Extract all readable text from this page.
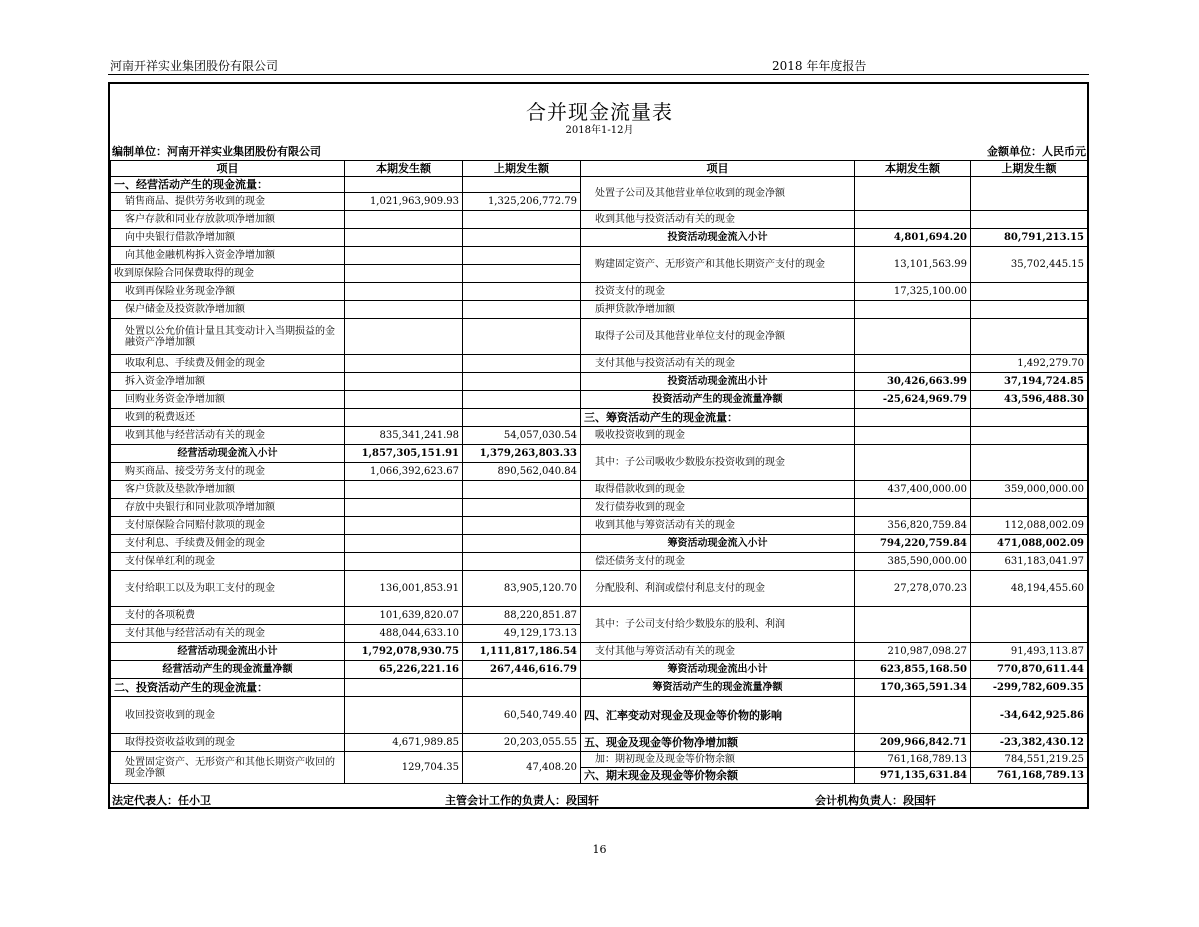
河南开祥实业集团股份有限公司	2018 年年度报告
合并现金流量表
2018年1-12月
编制单位：河南开祥实业集团股份有限公司	金额单位：人民币元
项目	本期发生额	上期发生额	项目	本期发生额	上期发生额
一、经营活动产生的现金流量：			处置子公司及其他营业单位收到的现金净额		
销售商品、提供劳务收到的现金	1,021,963,909.93	1,325,206,772.79			
客户存款和同业存放款项净增加额			收到其他与投资活动有关的现金		
向中央银行借款净增加额			投资活动现金流入小计	4,801,694.20	80,791,213.15
向其他金融机构拆入资金净增加额			购建固定资产、无形资产和其他长期资产支付的现金	13,101,563.99	35,702,445.15
收到原保险合同保费取得的现金					
收到再保险业务现金净额			投资支付的现金	17,325,100.00	
保户储金及投资款净增加额			质押贷款净增加额		
处置以公允价值计量且其变动计入当期损益的金融资产净增加额			取得子公司及其他营业单位支付的现金净额		
收取利息、手续费及佣金的现金			支付其他与投资活动有关的现金		1,492,279.70
拆入资金净增加额			投资活动现金流出小计	30,426,663.99	37,194,724.85
回购业务资金净增加额			投资活动产生的现金流量净额	-25,624,969.79	43,596,488.30
收到的税费返还			三、筹资活动产生的现金流量：		
收到其他与经营活动有关的现金	835,341,241.98	54,057,030.54	吸收投资收到的现金		
经营活动现金流入小计	1,857,305,151.91	1,379,263,803.33	其中：子公司吸收少数股东投资收到的现金		
购买商品、接受劳务支付的现金	1,066,392,623.67	890,562,040.84			
客户贷款及垫款净增加额			取得借款收到的现金	437,400,000.00	359,000,000.00
存放中央银行和同业款项净增加额			发行债券收到的现金		
支付原保险合同赔付款项的现金			收到其他与筹资活动有关的现金	356,820,759.84	112,088,002.09
支付利息、手续费及佣金的现金			筹资活动现金流入小计	794,220,759.84	471,088,002.09
支付保单红利的现金			偿还债务支付的现金	385,590,000.00	631,183,041.97
支付给职工以及为职工支付的现金	136,001,853.91	83,905,120.70	分配股利、利润或偿付利息支付的现金	27,278,070.23	48,194,455.60
支付的各项税费	101,639,820.07	88,220,851.87	其中：子公司支付给少数股东的股利、利润		
支付其他与经营活动有关的现金	488,044,633.10	49,129,173.13			
经营活动现金流出小计	1,792,078,930.75	1,111,817,186.54	支付其他与筹资活动有关的现金	210,987,098.27	91,493,113.87
经营活动产生的现金流量净额	65,226,221.16	267,446,616.79	筹资活动现金流出小计	623,855,168.50	770,870,611.44
二、投资活动产生的现金流量：			筹资活动产生的现金流量净额	170,365,591.34	-299,782,609.35
收回投资收到的现金		60,540,749.40	四、汇率变动对现金及现金等价物的影响		-34,642,925.86
取得投资收益收到的现金	4,671,989.85	20,203,055.55	五、现金及现金等价物净增加额	209,966,842.71	-23,382,430.12
处置固定资产、无形资产和其他长期资产收回的现金净额	129,704.35	47,408.20	加：期初现金及现金等价物余额	761,168,789.13	784,551,219.25
			六、期末现金及现金等价物余额	971,135,631.84	761,168,789.13
法定代表人：任小卫	主管会计工作的负责人：段国轩	会计机构负责人：段国轩
16
